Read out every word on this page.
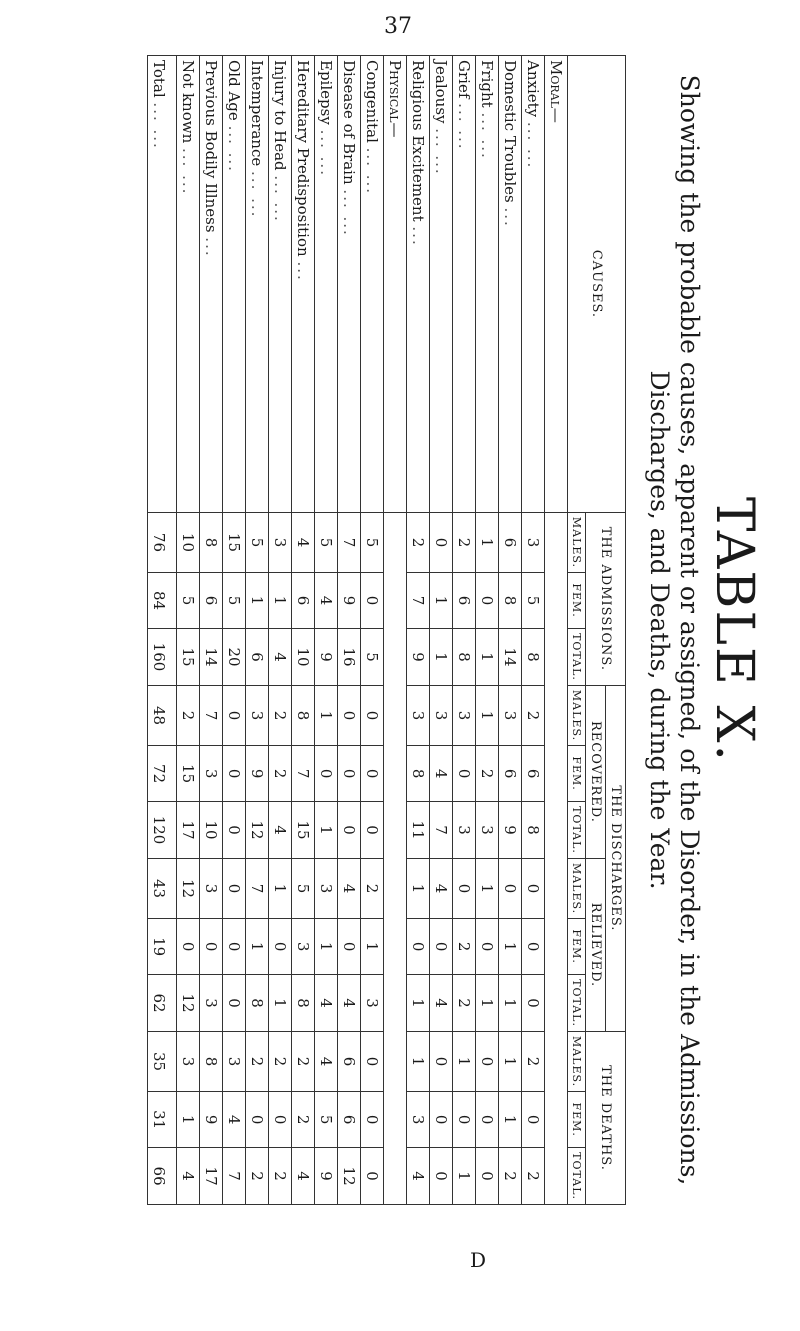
37

TABLE X.

Showing the probable causes, apparent or assigned, of the Disorder, in the Admissions,

Discharges, and Deaths, during the Year.

CAUSES.	THE ADMISSIONS.			THE DISCHARGES.						THE DEATHS.		
				RECOVERED.			RELIEVED.					
	MALES.	FEM.	TOTAL.	MALES.	FEM.	TOTAL.	MALES.	FEM.	TOTAL.	MALES.	FEM.	TOTAL.
Moral—												
Anxiety ... ...	3	5	8	2	6	8	0	0	0	2	0	2
Domestic Troubles ...	6	8	14	3	6	9	0	1	1	1	1	2
Fright ... ...	1	0	1	1	2	3	1	0	1	0	0	0
Grief ... ...	2	6	8	3	0	3	0	2	2	1	0	1
Jealousy ... ...	0	1	1	3	4	7	4	0	4	0	0	0
Religious Excitement ...	2	7	9	3	8	11	1	0	1	1	3	4
Physical—												
Congenital ... ...	5	0	5	0	0	0	2	1	3	0	0	0
Disease of Brain ... ...	7	9	16	0	0	0	4	0	4	6	6	12
Epilepsy ... ...	5	4	9	1	0	1	3	1	4	4	5	9
Hereditary Predisposition ...	4	6	10	8	7	15	5	3	8	2	2	4
Injury to Head ... ...	3	1	4	2	2	4	1	0	1	2	0	2
Intemperance ... ...	5	1	6	3	9	12	7	1	8	2	0	2
Old Age ... ...	15	5	20	0	0	0	0	0	0	3	4	7
Previous Bodily Illness ...	8	6	14	7	3	10	3	0	3	8	9	17
Not known ... ...	10	5	15	2	15	17	12	0	12	3	1	4
Total ... ...	76	84	160	48	72	120	43	19	62	35	31	66
D
